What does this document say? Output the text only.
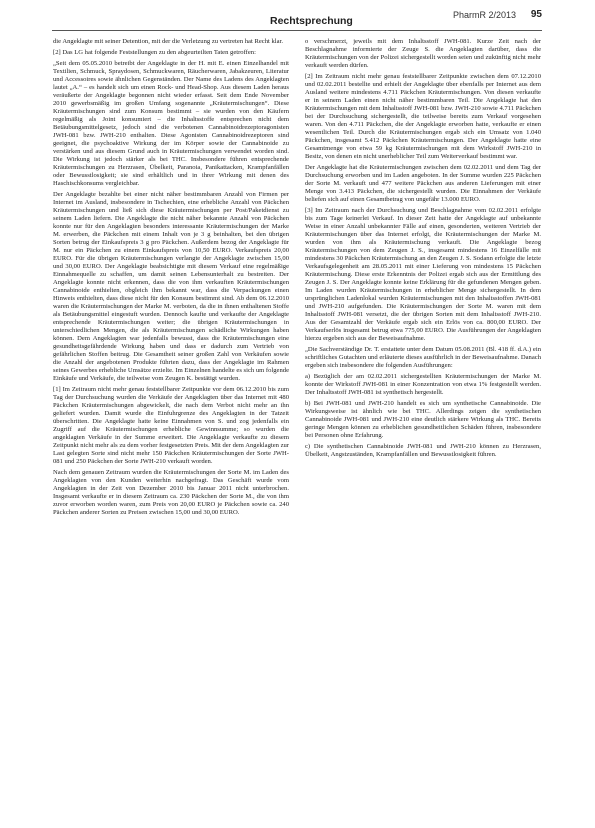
Rechtsprechung	PharmR 2/2013 95

die Angeklagte mit seiner Detention, mit der die Verletzung zu vertreten hat Recht klar.

[2] Das LG hat folgende Feststellungen zu den abgeurteilten Taten getroffen:

„Seit dem 05.05.2010 betreibt der Angeklagte in der H. mit E. einen Einzelhandel mit Textilien, Schmuck, Spraydosen, Schmuckwaren, Räucherwaren, Jabakzeuren, Literatur und Accessoires sowie ähnlichen Gegenständen. Der Name des Ladens des Angeklagten lautet „A.“ – es handelt sich um einen Rock- und Head-Shop. Aus diesem Laden heraus veräußerte der Angeklagte begonnen nicht wieder erfasst. Seit dem Ende November 2010 gewerbsmäßig im großen Umfang sogenannte „Kräutermischungen“. Diese Kräutermischungen sind zum Konsum bestimmt – sie wurden von den Käufern regelmäßig als Joint konsumiert – die Inhaltsstoffe entsprechen nicht dem Betäubungsmittelgesetz, jedoch sind die verbotenen Cannabinoidrezeptoragonisten JWH-081 bzw. JWH-210 enthalten. Diese Agonisten Cannabinoidrezeptoren sind geeignet, die psychoaktive Wirkung der im Körper sowie der Cannabinoide zu verstärken und aus diesem Grund auch in Kräutermischungen verwendet worden sind. Die Wirkung ist jedoch stärker als bei THC. Insbesondere führen entsprechende Kräutermischungen zu Herzrasen, Übelkeit, Paranoia, Panikattacken, Krampfanfällen oder Bewusstlosigkeit; sie sind erhältlich und in ihrer Wirkung mit denen des Haschischkonsums vergleichbar.

Der Angeklagte bezahlte bei einer nicht näher bestimmbaren Anzahl von Firmen per Internet im Ausland, insbesondere in Tschechien, eine erhebliche Anzahl von Päckchen Kräutermischungen und ließ sich diese Kräutermischungen per Post/Paketdienst zu seinem Laden liefern. Die Angeklagte die nicht näher bekannte Anzahl von Päckchen konnte nur für den Angeklagten besonders interessante Kräutermischungen der Marke M. erwerben, die Päckchen mit einem Inhalt von je 3 g beinhalten, bei den übrigen Sorten betrug der Einkaufspreis 3 g pro Päckchen. Außerdem bezog der Angeklagte für M. nur ein Päckchen zu einem Einkaufspreis von 10,50 EURO. Verkaufspreis 20,00 EURO. Für die übrigen Kräutermischungen verlangte der Angeklagte zwischen 15,00 und 30,00 EURO. Der Angeklagte beabsichtigte mit diesem Verkauf eine regelmäßige Einnahmequelle zu schaffen, um damit seinen Lebensunterhalt zu bestreiten. Der Angeklagte konnte nicht erkennen, dass die von ihm verkauften Kräutermischungen Cannabinoide enthielten, obgleich ihm bekannt war, dass die Verpackungen einen Hinweis enthielten, dass diese nicht für den Konsum bestimmt sind. Ab dem 06.12.2010 waren die Kräutermischungen der Marke M. verboten, da die in ihnen enthaltenen Stoffe als Betäubungsmittel eingestuft wurden. Dennoch kaufte und verkaufte der Angeklagte entsprechende Kräutermischungen weiter; die übrigen Kräutermischungen in unterschiedlichen Mengen, die als Kräutermischungen schädliche Wirkungen haben können. Dem Angeklagten war jedenfalls bewusst, dass die Kräutermischungen eine gesundheitsgefährdende Wirkung haben und dass er dadurch zum Vertrieb von gefährlichen Stoffen beitrug. Die Gesamtheit seiner großen Zahl von Verkäufen sowie die Anzahl der angebotenen Produkte führten dazu, dass der Angeklagte im Rahmen seines Gewerbes erhebliche Umsätze erzielte. Im Einzelnen handelte es sich um folgende Einkäufe und Verkäufe, die teilweise vom Zeugen K. bestätigt wurden.

[1] Im Zeitraum nicht mehr genau feststellbarer Zeitpunkte vor dem 06.12.2010 bis zum Tag der Durchsuchung wurden die Verkäufe der Angeklagten über das Internet mit 480 Päckchen Kräutermischungen abgewickelt, die nach dem Verbot nicht mehr an ihn geliefert wurden. Damit wurde die Einfuhrgrenze des Angeklagten in der Tatzeit überschritten. Die Angeklagte hatte keine Einnahmen von S. und zog jedenfalls ein Zugriff auf die Kräutermischungen erhebliche Gewinnsumme; so wurden die angeklagten Verkäufe in der Summe erweitert. Die Angeklagte verkaufte zu diesem Zeitpunkt nicht mehr als zu dem vorher festgesetzten Preis. Mit der dem Angeklagten zur Last gelegten Sorte sind nicht mehr 150 Päckchen Kräutermischungen der Sorte JWH-081 und 250 Päckchen der Sorte JWH-210 verkauft worden.

Nach dem genauen Zeitraum wurden die Kräutermischungen der Sorte M. im Laden des Angeklagten von den Kunden weiterhin nachgefragt. Das Geschäft wurde vom Angeklagten in der Zeit von Dezember 2010 bis Januar 2011 nicht unterbrochen. Insgesamt verkaufte er in diesem Zeitraum ca. 230 Päckchen der Sorte M., die von ihm zuvor erworben worden waren, zum Preis von 20,00 EURO je Päckchen sowie ca. 240 Päckchen anderer Sorten zu Preisen zwischen 15,00 und 30,00 EURO.

o verschmerzt, jeweils mit dem Inhaltsstoff JWH-081. Kurze Zeit nach der Beschlagnahme informierte der Zeuge S. die Angeklagten darüber, dass die Kräutermischungen von der Polizei sichergestellt worden seien und zukünftig nicht mehr verkauft werden dürfen.

[2] Im Zeitraum nicht mehr genau feststellbarer Zeitpunkte zwischen dem 07.12.2010 und 02.02.2011 bestellte und erhielt der Angeklagte über ebenfalls per Internet aus dem Ausland weitere mindestens 4.711 Päckchen Kräutermischungen. Von diesen verkaufte er in seinem Laden einen nicht näher bestimmbaren Teil. Die Angeklagte hat den Kräutermischungen mit dem Inhaltsstoff JWH-081 bzw. JWH-210 sowie 4.711 Päckchen bei der Durchsuchung sichergestellt, die teilweise bereits zum Verkauf vorgesehen waren. Von den 4.711 Päckchen, die der Angeklagte erworben hatte, verkaufte er einen wesentlichen Teil. Durch die Kräutermischungen ergab sich ein Umsatz von 1.040 Päckchen, insgesamt 5.412 Päckchen Kräutermischungen. Der Angeklagte hatte eine Gesamtmenge von etwa 59 kg Kräutermischungen mit dem Wirkstoff JWH-210 in Besitz, von denen ein nicht unerheblicher Teil zum Weiterverkauf bestimmt war.

Der Angeklagte hat die Kräutermischungen zwischen dem 02.02.2011 und dem Tag der Durchsuchung erworben und im Laden angeboten. In der Summe wurden 225 Päckchen der Sorte M. verkauft und 477 weitere Päckchen aus anderen Lieferungen mit einer Menge von 3.413 Päckchen, die sichergestellt wurden. Die Einnahmen der Verkäufe beliefen sich auf einen Gesamtbetrag von ungefähr 13.000 EURO.

[3] Im Zeitraum nach der Durchsuchung und Beschlagnahme vom 02.02.2011 erfolgte bis zum Tage keinerlei Verkauf. In dieser Zeit hatte der Angeklagte auf unbekannte Weise in einer Anzahl unbekannter Fälle auf einen, gesonderten, weiteren Vertrieb der Kräutermischungen über das Internet erfolgt, die Kräutermischungen der Marke M. wurden von ihm als Kräutermischung verkauft. Die Angeklagte bezog Kräutermischungen von dem Zeugen J. S., insgesamt mindestens 16 Einzelfälle mit mindestens 30 Päckchen Kräutermischung an den Zeugen J. S. Sodann erfolgte die letzte Verkaufsgelegenheit am 28.05.2011 mit einer Lieferung von mindestens 15 Päckchen Kräutermischung. Diese erste Erkenntnis der Polizei ergab sich aus der Ermittlung des Zeugen J. S. Der Angeklagte konnte keine Erklärung für die gefundenen Mengen geben. Im Laden wurden Kräutermischungen in erheblicher Menge sichergestellt. In dem ursprünglichen Ladenlokal wurden Kräutermischungen mit den Inhaltsstoffen JWH-081 und JWH-210 aufgefunden. Die Kräutermischungen der Sorte M. waren mit dem Inhaltsstoff JWH-081 versetzt, die der übrigen Sorten mit dem Inhaltsstoff JWH-210. Aus der Gesamtzahl der Verkäufe ergab sich ein Erlös von ca. 800,00 EURO. Der Verkaufserlös insgesamt betrug etwa 775,00 EURO. Die Ausführungen der Angeklagten hierzu ergeben sich aus der Beweisaufnahme.

„Die Sachverständige Dr. T. erstattete unter dem Datum 05.08.2011 (Bl. 418 ff. d.A.) ein schriftliches Gutachten und erläuterte dieses ausführlich in der Beweisaufnahme. Danach ergeben sich insbesondere die folgenden Ausführungen:

a) Bezüglich der am 02.02.2011 sichergestellten Kräutermischungen der Marke M. konnte der Wirkstoff JWH-081 in einer Konzentration von etwa 1% festgestellt werden. Der Inhaltsstoff JWH-081 ist synthetisch hergestellt.

b) Bei JWH-081 und JWH-210 handelt es sich um synthetische Cannabinoide. Die Wirkungsweise ist ähnlich wie bei THC. Allerdings zeigen die synthetischen Cannabinoide JWH-081 und JWH-210 eine deutlich stärkere Wirkung als THC. Bereits geringe Mengen können zu erheblichen gesundheitlichen Schäden führen, insbesondere bei Personen ohne Erfahrung.

c) Die synthetischen Cannabinoide JWH-081 und JWH-210 können zu Herzrasen, Übelkeit, Angstzuständen, Krampfanfällen und Bewusstlosigkeit führen.
